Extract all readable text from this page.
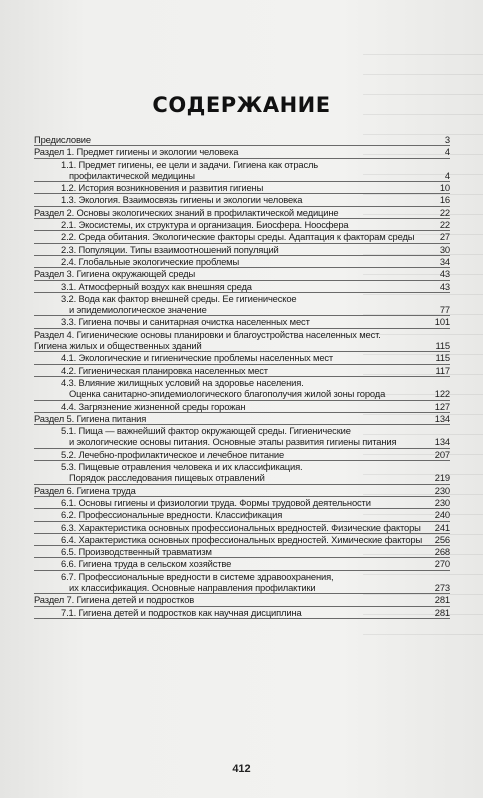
СОДЕРЖАНИЕ
Предисловие	3
Раздел 1. Предмет гигиены и экологии человека	4
1.1. Предмет гигиены, ее цели и задачи. Гигиена как отрасль
профилактической медицины	4
1.2. История возникновения и развития гигиены	10
1.3. Экология. Взаимосвязь гигиены и экологии человека	16
Раздел 2. Основы экологических знаний в профилактической медицине	22
2.1. Экосистемы, их структура и организация. Биосфера. Ноосфера	22
2.2. Среда обитания. Экологические факторы среды. Адаптация к факторам среды	27
2.3. Популяции. Типы взаимоотношений популяций	30
2.4. Глобальные экологические проблемы	34
Раздел 3. Гигиена окружающей среды	43
3.1. Атмосферный воздух как внешняя среда	43
3.2. Вода как фактор внешней среды. Ее гигиеническое
и эпидемиологическое значение	77
3.3. Гигиена почвы и санитарная очистка населенных мест	101
Раздел 4. Гигиенические основы планировки и благоустройства населенных мест.
Гигиена жилых и общественных зданий	115
4.1. Экологические и гигиенические проблемы населенных мест	115
4.2. Гигиеническая планировка населенных мест	117
4.3. Влияние жилищных условий на здоровье населения.
Оценка санитарно-эпидемиологического благополучия жилой зоны города	122
4.4. Загрязнение жизненной среды горожан	127
Раздел 5. Гигиена питания	134
5.1. Пища — важнейший фактор окружающей среды. Гигиенические
и экологические основы питания. Основные этапы развития гигиены питания	134
5.2. Лечебно-профилактическое и лечебное питание	207
5.3. Пищевые отравления человека и их классификация.
Порядок расследования пищевых отравлений	219
Раздел 6. Гигиена труда	230
6.1. Основы гигиены и физиологии труда. Формы трудовой деятельности	230
6.2. Профессиональные вредности. Классификация	240
6.3. Характеристика основных профессиональных вредностей. Физические факторы	241
6.4. Характеристика основных профессиональных вредностей. Химические факторы	256
6.5. Производственный травматизм	268
6.6. Гигиена труда в сельском хозяйстве	270
6.7. Профессиональные вредности в системе здравоохранения,
их классификация. Основные направления профилактики	273
Раздел 7. Гигиена детей и подростков	281
7.1. Гигиена детей и подростков как научная дисциплина	281
412
